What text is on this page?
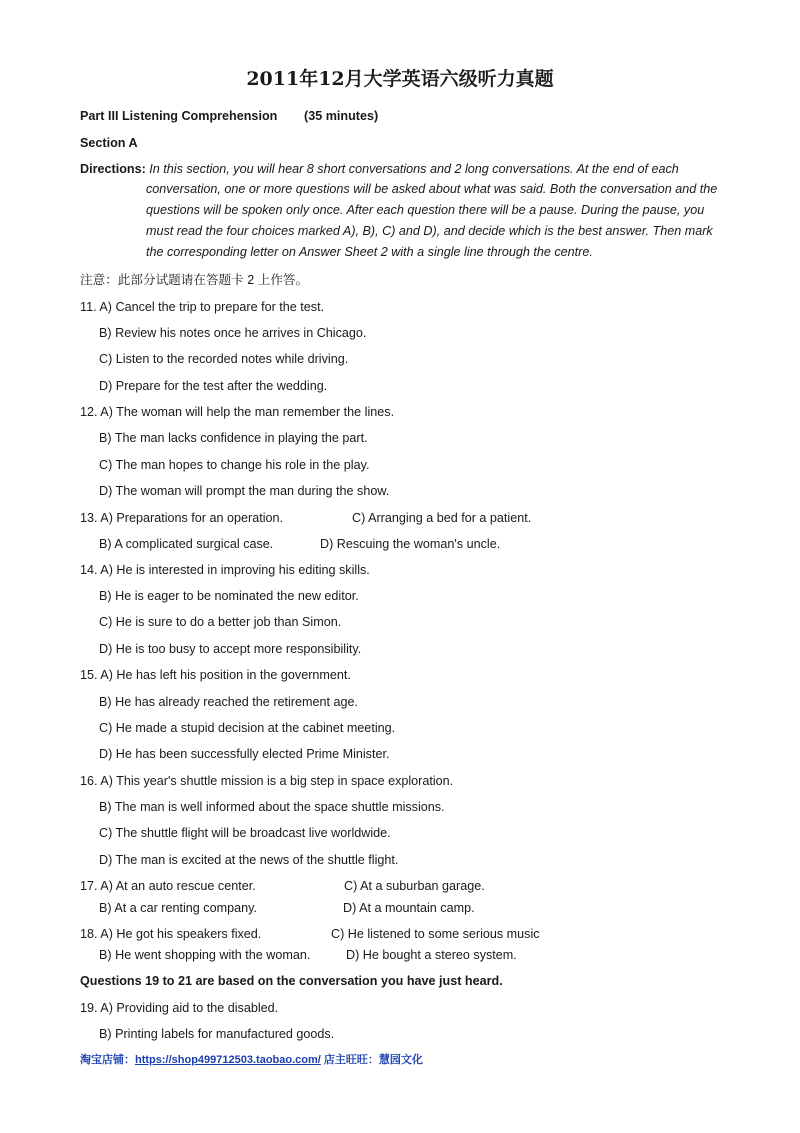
2011年12月大学英语六级听力真题
Part III Listening Comprehension (35 minutes)
Section A
Directions: In this section, you will hear 8 short conversations and 2 long conversations. At the end of each
conversation, one or more questions will be asked about what was said. Both the conversation and the questions will be spoken only once. After each question there will be a pause. During the pause, you must read the four choices marked A), B), C) and D), and decide which is the best answer. Then mark the corresponding letter on Answer Sheet 2 with a single line through the centre.
注意：此部分试题请在答题卡 2 上作答。
11. A) Cancel the trip to prepare for the test.
B) Review his notes once he arrives in Chicago.
C) Listen to the recorded notes while driving.
D) Prepare for the test after the wedding.
12. A) The woman will help the man remember the lines.
B) The man lacks confidence in playing the part.
C) The man hopes to change his role in the play.
D) The woman will prompt the man during the show.
13. A) Preparations for an operation.	C) Arranging a bed for a patient.
B) A complicated surgical case.	D) Rescuing the woman's uncle.
14. A) He is interested in improving his editing skills.
B) He is eager to be nominated the new editor.
C) He is sure to do a better job than Simon.
D) He is too busy to accept more responsibility.
15. A) He has left his position in the government.
B) He has already reached the retirement age.
C) He made a stupid decision at the cabinet meeting.
D) He has been successfully elected Prime Minister.
16. A) This year's shuttle mission is a big step in space exploration.
B) The man is well informed about the space shuttle missions.
C) The shuttle flight will be broadcast live worldwide.
D) The man is excited at the news of the shuttle flight.
17. A) At an auto rescue center.	C) At a suburban garage.
B) At a car renting company.	D) At a mountain camp.
18. A) He got his speakers fixed.	C) He listened to some serious music
B) He went shopping with the woman.	D) He bought a stereo system.
Questions 19 to 21 are based on the conversation you have just heard.
19. A) Providing aid to the disabled.
B) Printing labels for manufactured goods.
淘宝店铺：https://shop499712503.taobao.com/ 店主旺旺：慧园文化
